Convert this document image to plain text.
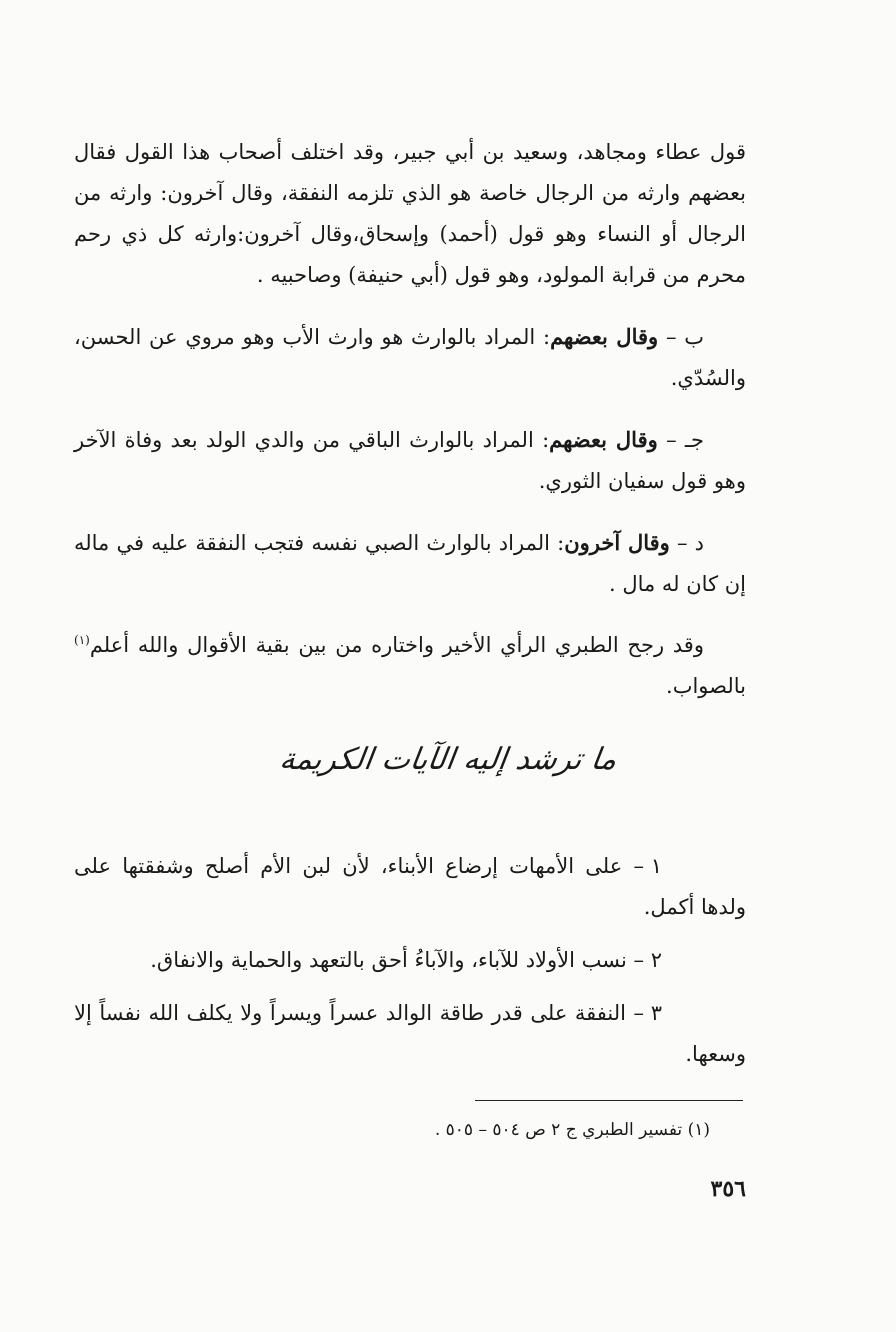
قول عطاء ومجاهد، وسعيد بن أبي جبير، وقد اختلف أصحاب هذا القول فقال بعضهم وارثه من الرجال خاصة هو الذي تلزمه النفقة، وقال آخرون: وارثه من الرجال أو النساء وهو قول (أحمد) وإسحاق،وقال آخرون:وارثه كل ذي رحم محرم من قرابة المولود، وهو قول (أبي حنيفة) وصاحبيه .

ب – وقال بعضهم: المراد بالوارث هو وارث الأب وهو مروي عن الحسن، والسُدّي.
جـ – وقال بعضهم: المراد بالوارث الباقي من والدي الولد بعد وفاة الآخر وهو قول سفيان الثوري.
د – وقال آخرون: المراد بالوارث الصبي نفسه فتجب النفقة عليه في ماله إن كان له مال .
وقد رجح الطبري الرأي الأخير واختاره من بين بقية الأقوال والله أعلم$^{(١)}$ بالصواب.
ما ترشد إليه الآيات الكريمة
١ – على الأمهات إرضاع الأبناء، لأن لبن الأم أصلح وشفقتها على ولدها أكمل.
٢ – نسب الأولاد للآباء، والآباءُ أحق بالتعهد والحماية والانفاق.
٣ – النفقة على قدر طاقة الوالد عسراً ويسراً ولا يكلف الله نفساً إلا وسعها.
(١) تفسير الطبري ج ٢ ص ٥٠٤ – ٥٠٥ .
٣٥٦
